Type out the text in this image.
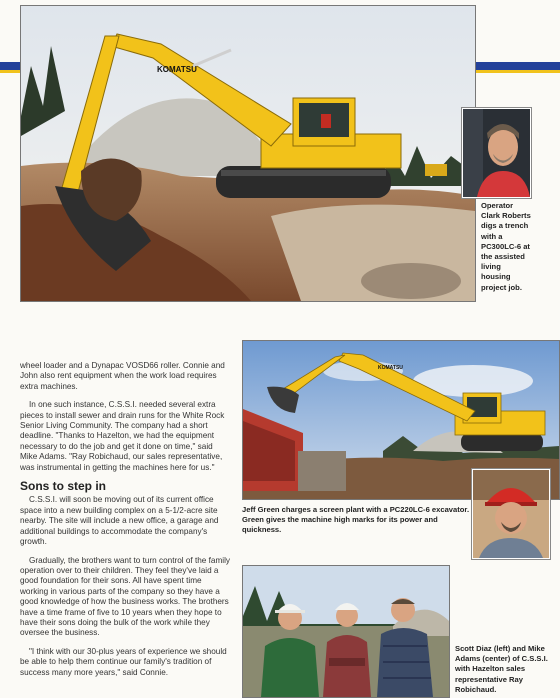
KOMATSU
Operator
Clark Roberts
digs a trench
with a
PC300LC-6 at
the assisted
living
housing
project job.

wheel loader and a Dynapac VOSD66 roller. Connie and John also rent equipment when the work load requires extra machines.

In one such instance, C.S.S.I. needed several extra pieces to install sewer and drain runs for the White Rock Senior Living Community. The company had a short deadline. "Thanks to Hazelton, we had the equipment necessary to do the job and get it done on time," said Mike Adams. "Ray Robichaud, our sales representative, was instrumental in getting the machines here for us."

Sons to step in

C.S.S.I. will soon be moving out of its current office space into a new building complex on a 5-1/2-acre site nearby. The site will include a new office, a garage and additional buildings to accommodate the company's growth.

Gradually, the brothers want to turn control of the family operation over to their children. They feel they've laid a good foundation for their sons. All have spent time working in various parts of the company so they have a good knowledge of how the business works. The brothers have a time frame of five to 10 years when they hope to have their sons doing the bulk of the work while they oversee the business.

"I think with our 30-plus years of experience we should be able to help them continue our family's tradition of success many more years," said Connie.

KOMATSU
Jeff Green charges a screen plant with a PC220LC-6 excavator. Green gives the machine high marks for its power and quickness.
Scott Diaz (left) and Mike
Adams (center) of C.S.S.I.
with Hazelton sales
representative Ray
Robichaud.
